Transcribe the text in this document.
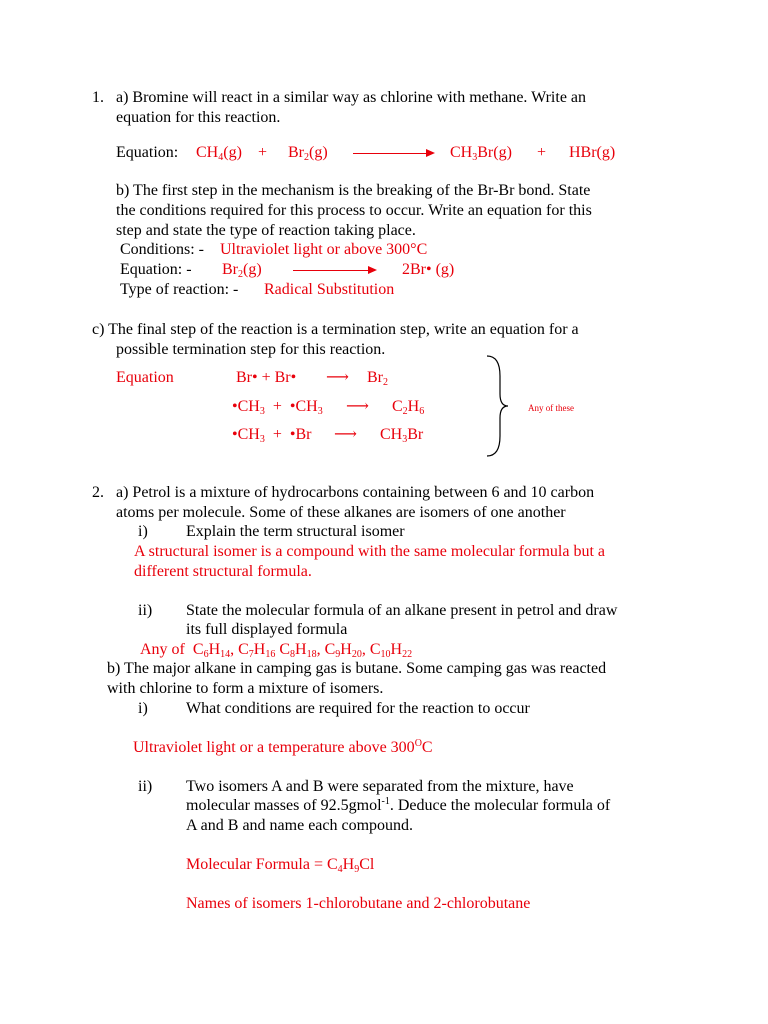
1. a) Bromine will react in a similar way as chlorine with methane. Write an
equation for this reaction.
Equation: $CH_4(g) + Br_2(g)$	$CH_3Br(g) + HBr(g)$
b) The first step in the mechanism is the breaking of the Br-Br bond. State
the conditions required for this process to occur. Write an equation for this
step and state the type of reaction taking place.
Conditions: - Ultraviolet light or above 300°C
Equation: - $Br_2(g)$	2Br• (g)
Type of reaction: - Radical Substitution
c) The final step of the reaction is a termination step, write an equation for a
possible termination step for this reaction.
Equation	Br• + Br• ⟶ $Br_2$
$•CH_3$ + $•CH_3$ ⟶ $C_2H_6$
$•CH_3$ + •Br ⟶ $CH_3Br$
Any of these
2. a) Petrol is a mixture of hydrocarbons containing between 6 and 10 carbon
atoms per molecule. Some of these alkanes are isomers of one another
i) Explain the term structural isomer
A structural isomer is a compound with the same molecular formula but a
different structural formula.
ii) State the molecular formula of an alkane present in petrol and draw
its full displayed formula
Any of $C_6H_{14}$, $C_7H_{16}$ $C_8H_{18}$, $C_9H_{20}$, $C_{10}H_{22}$
b) The major alkane in camping gas is butane. Some camping gas was reacted
with chlorine to form a mixture of isomers.
i) What conditions are required for the reaction to occur
Ultraviolet light or a temperature above $300^OC$
ii) Two isomers A and B were separated from the mixture, have
molecular masses of 92.5gmol$^{-1}$. Deduce the molecular formula of
A and B and name each compound.
Molecular Formula = $C_4H_9Cl$
Names of isomers 1-chlorobutane and 2-chlorobutane
